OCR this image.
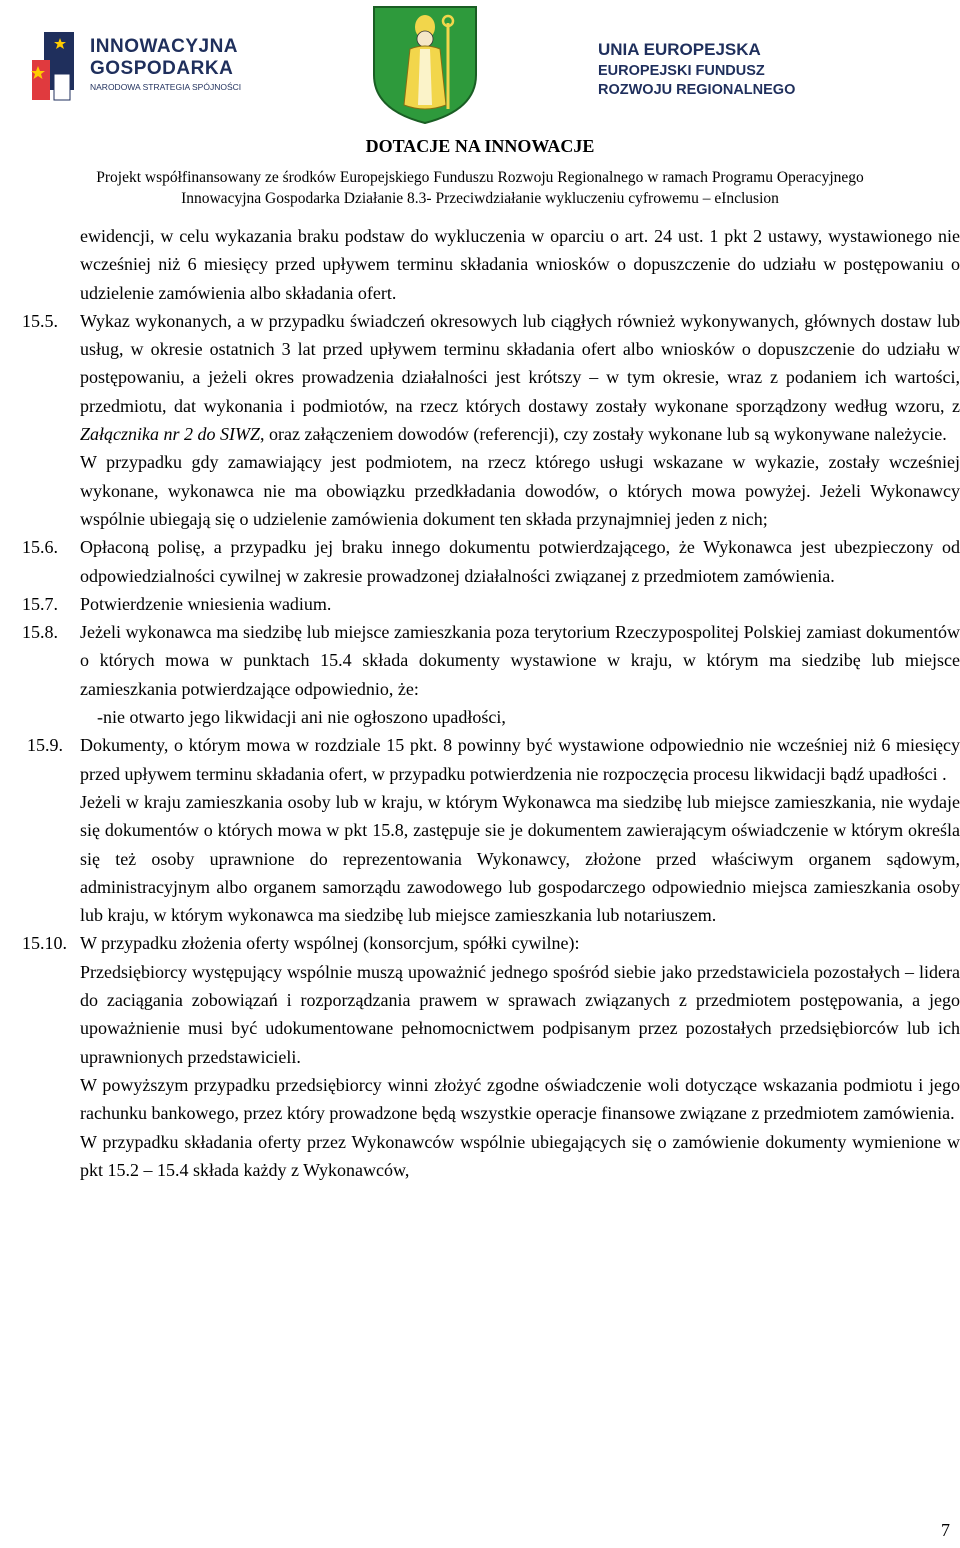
INNOWACYJNA
GOSPODARKA
NARODOWA STRATEGIA SPÓJNOŚCI
UNIA EUROPEJSKA
EUROPEJSKI FUNDUSZ
ROZWOJU REGIONALNEGO
DOTACJE NA INNOWACJE
Projekt współfinansowany ze środków Europejskiego Funduszu Rozwoju Regionalnego w ramach Programu Operacyjnego
Innowacyjna Gospodarka Działanie 8.3- Przeciwdziałanie wykluczeniu cyfrowemu – eInclusion

ewidencji, w celu wykazania braku podstaw do wykluczenia w oparciu o art. 24 ust. 1 pkt 2 ustawy, wystawionego nie wcześniej niż 6 miesięcy przed upływem terminu składania wniosków o dopuszczenie do udziału w postępowaniu o udzielenie zamówienia albo składania ofert.

15.5. Wykaz wykonanych, a w przypadku świadczeń okresowych lub ciągłych również wykonywanych, głównych dostaw lub usług, w okresie ostatnich 3 lat przed upływem terminu składania ofert albo wniosków o dopuszczenie do udziału w postępowaniu, a jeżeli okres prowadzenia działalności jest krótszy – w tym okresie, wraz z podaniem ich wartości, przedmiotu, dat wykonania i podmiotów, na rzecz których dostawy zostały wykonane sporządzony według wzoru, z Załącznika nr 2 do SIWZ, oraz załączeniem dowodów (referencji), czy zostały wykonane lub są wykonywane należycie.

W przypadku gdy zamawiający jest podmiotem, na rzecz którego usługi wskazane w wykazie, zostały wcześniej wykonane, wykonawca nie ma obowiązku przedkładania dowodów, o których mowa powyżej. Jeżeli Wykonawcy wspólnie ubiegają się o udzielenie zamówienia dokument ten składa przynajmniej jeden z nich;

15.6. Opłaconą polisę, a przypadku jej braku innego dokumentu potwierdzającego, że Wykonawca jest ubezpieczony od odpowiedzialności cywilnej w zakresie prowadzonej działalności związanej z przedmiotem zamówienia.
15.7. Potwierdzenie wniesienia wadium.
15.8. Jeżeli wykonawca ma siedzibę lub miejsce zamieszkania poza terytorium Rzeczypospolitej Polskiej zamiast dokumentów o których mowa w punktach 15.4 składa dokumenty wystawione w kraju, w którym ma siedzibę lub miejsce zamieszkania potwierdzające odpowiednio, że:

-nie otwarto jego likwidacji ani nie ogłoszono upadłości,

15.9. Dokumenty, o którym mowa w rozdziale 15 pkt. 8 powinny być wystawione odpowiednio nie wcześniej niż 6 miesięcy przed upływem terminu składania ofert, w przypadku potwierdzenia nie rozpoczęcia procesu likwidacji bądź upadłości .

Jeżeli w kraju zamieszkania osoby lub w kraju, w którym Wykonawca ma siedzibę lub miejsce zamieszkania, nie wydaje się dokumentów o których mowa w pkt 15.8, zastępuje sie je dokumentem zawierającym oświadczenie w którym określa się też osoby uprawnione do reprezentowania Wykonawcy, złożone przed właściwym organem sądowym, administracyjnym albo organem samorządu zawodowego lub gospodarczego odpowiednio miejsca zamieszkania osoby lub kraju, w którym wykonawca ma siedzibę lub miejsce zamieszkania lub notariuszem.

15.10. W przypadku złożenia oferty wspólnej (konsorcjum, spółki cywilne):

Przedsiębiorcy występujący wspólnie muszą upoważnić jednego spośród siebie jako przedstawiciela pozostałych – lidera do zaciągania zobowiązań i rozporządzania prawem w sprawach związanych z przedmiotem postępowania, a jego upoważnienie musi być udokumentowane pełnomocnictwem podpisanym przez pozostałych przedsiębiorców lub ich uprawnionych przedstawicieli.

W powyższym przypadku przedsiębiorcy winni złożyć zgodne oświadczenie woli dotyczące wskazania podmiotu i jego rachunku bankowego, przez który prowadzone będą wszystkie operacje finansowe związane z przedmiotem zamówienia.

W przypadku składania oferty przez Wykonawców wspólnie ubiegających się o zamówienie dokumenty wymienione w pkt 15.2 – 15.4 składa każdy z Wykonawców,

7
